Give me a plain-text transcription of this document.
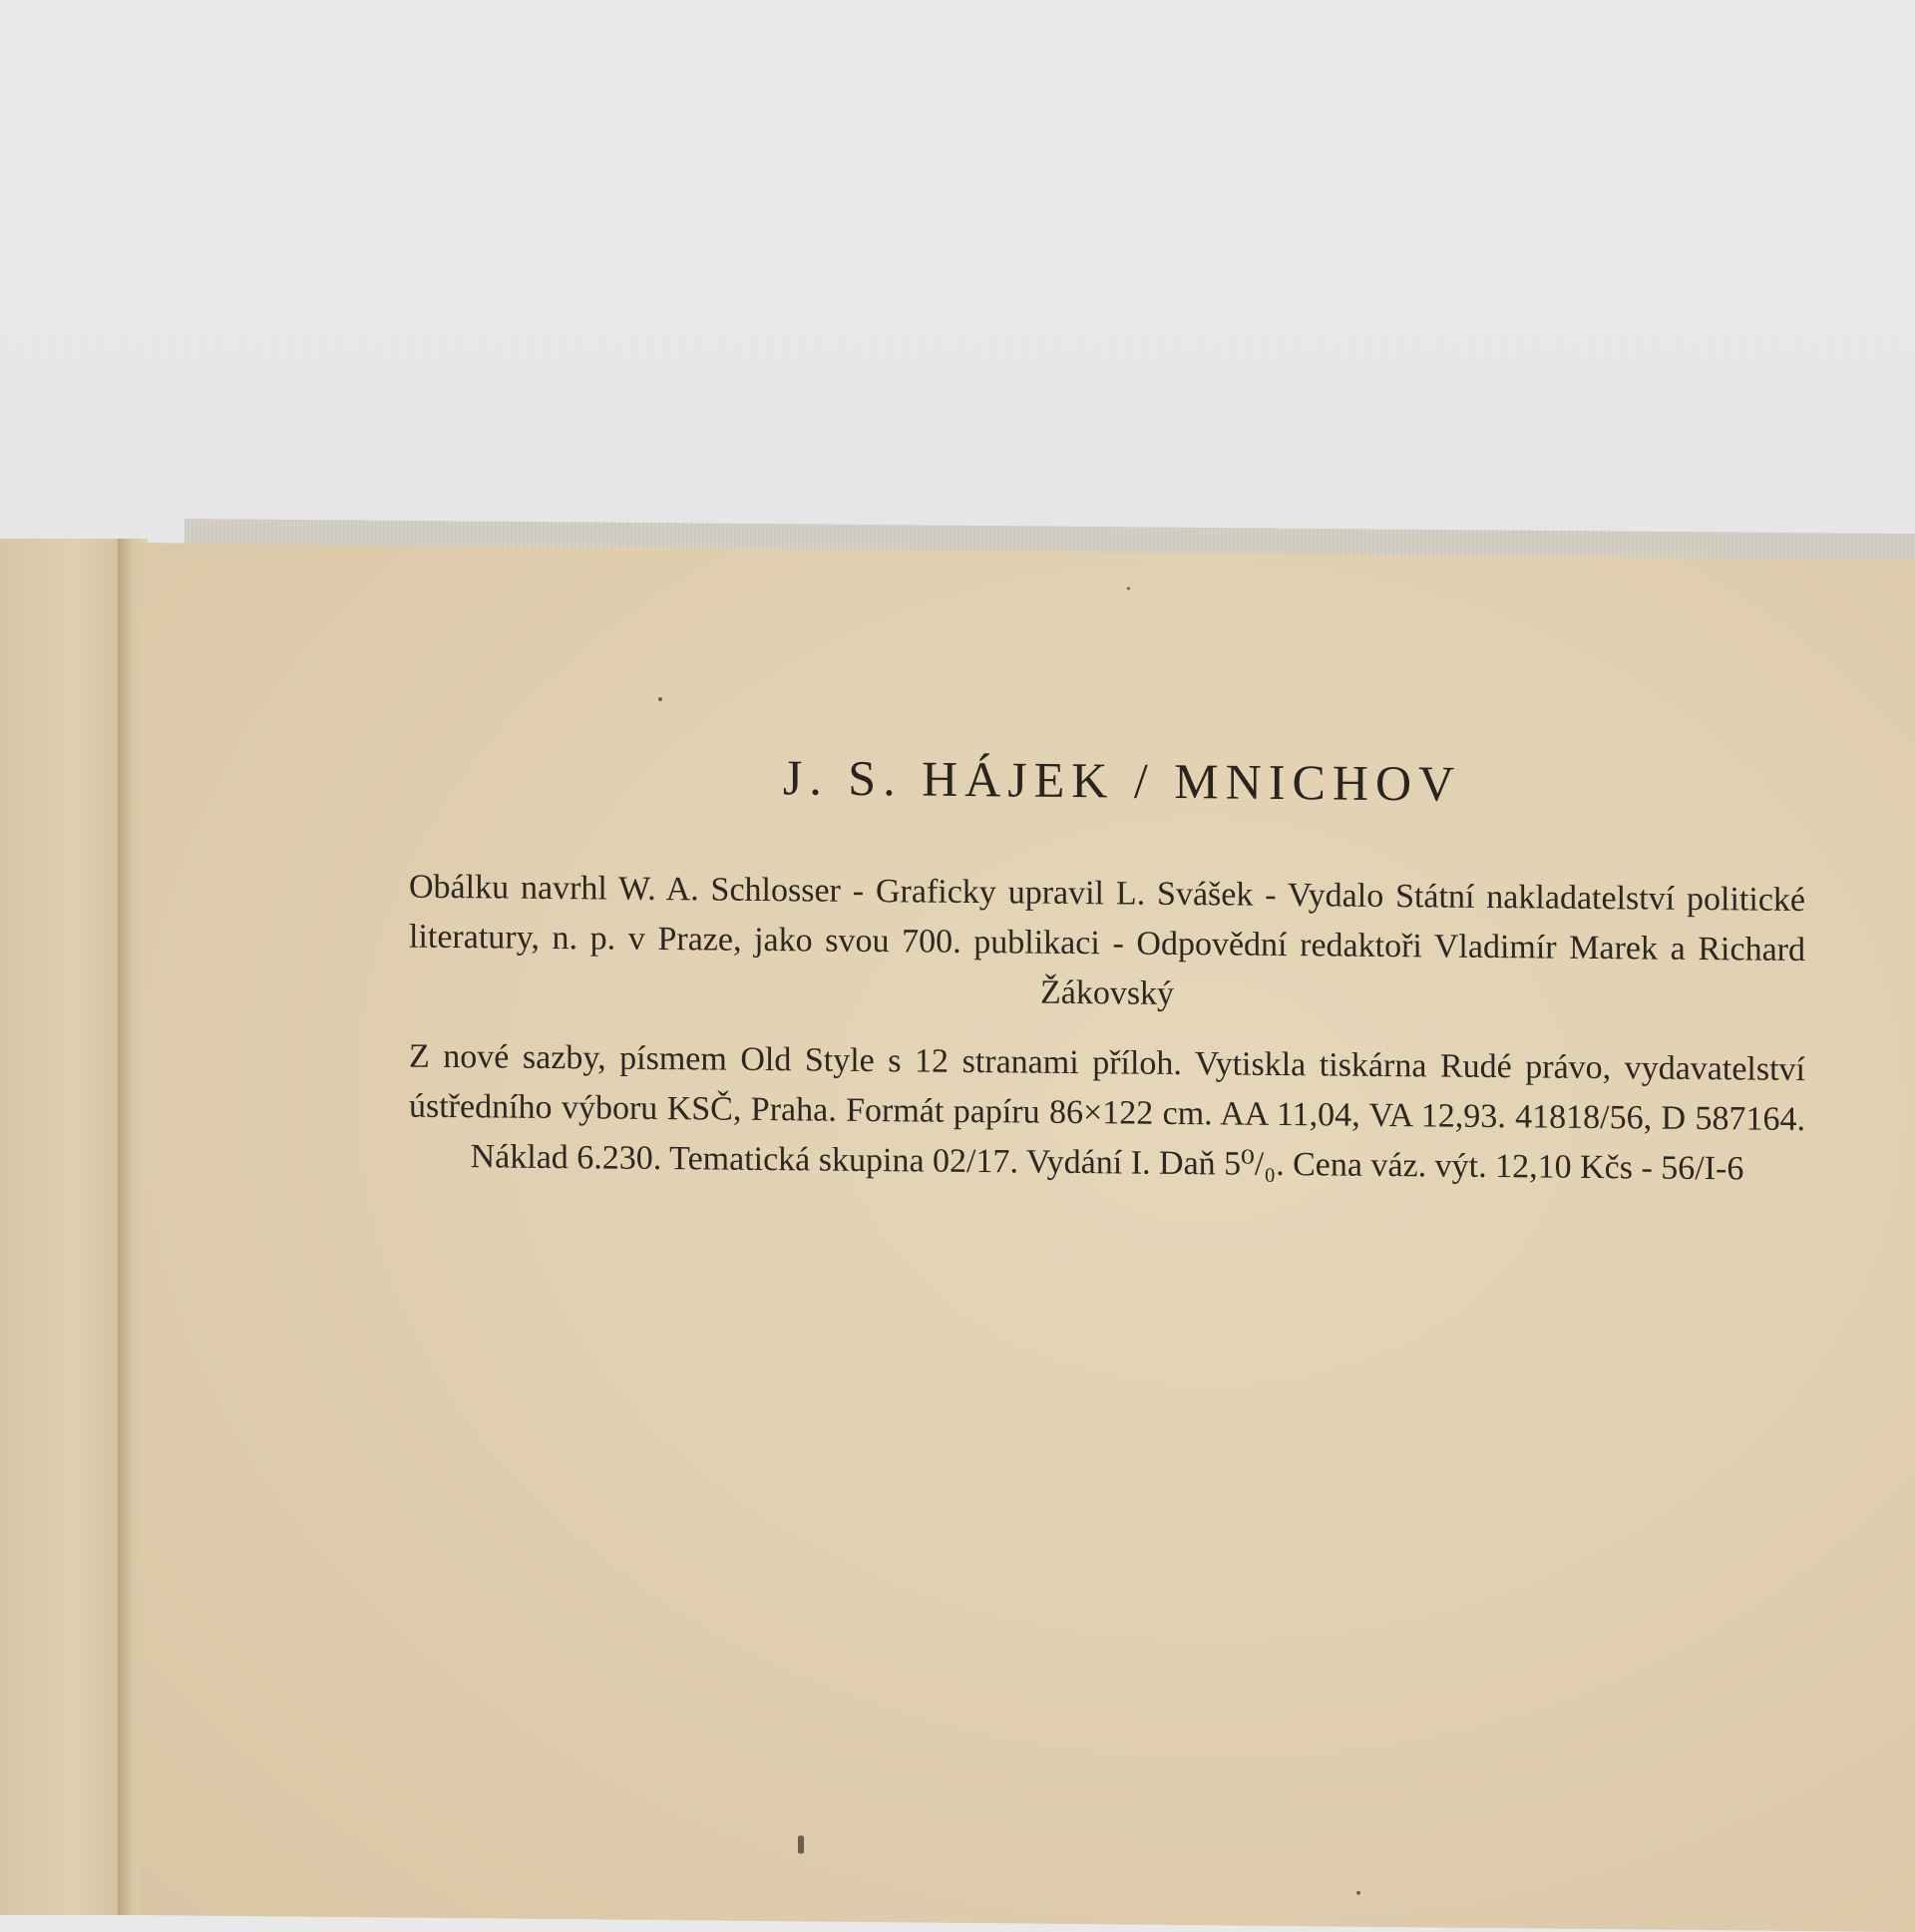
J. S. HÁJEK / MNICHOV

Obálku navrhl W. A. Schlosser - Graficky upravil L. Svášek - Vydalo Státní nakladatelství politické literatury, n. p. v Praze, jako svou 700. publikaci - Odpovědní redaktoři Vladimír Marek a Richard Žákovský

Z nové sazby, písmem Old Style s 12 stranami příloh. Vytiskla tiskárna Rudé právo, vydavatelství ústředního výboru KSČ, Praha. Formát papíru 86×122 cm. AA 11,04, VA 12,93. 41818/56, D 587164. Náklad 6.230. Tematická skupina 02/17. Vydání I. Daň 5⁰/₀. Cena váz. výt. 12,10 Kčs - 56/I-6
